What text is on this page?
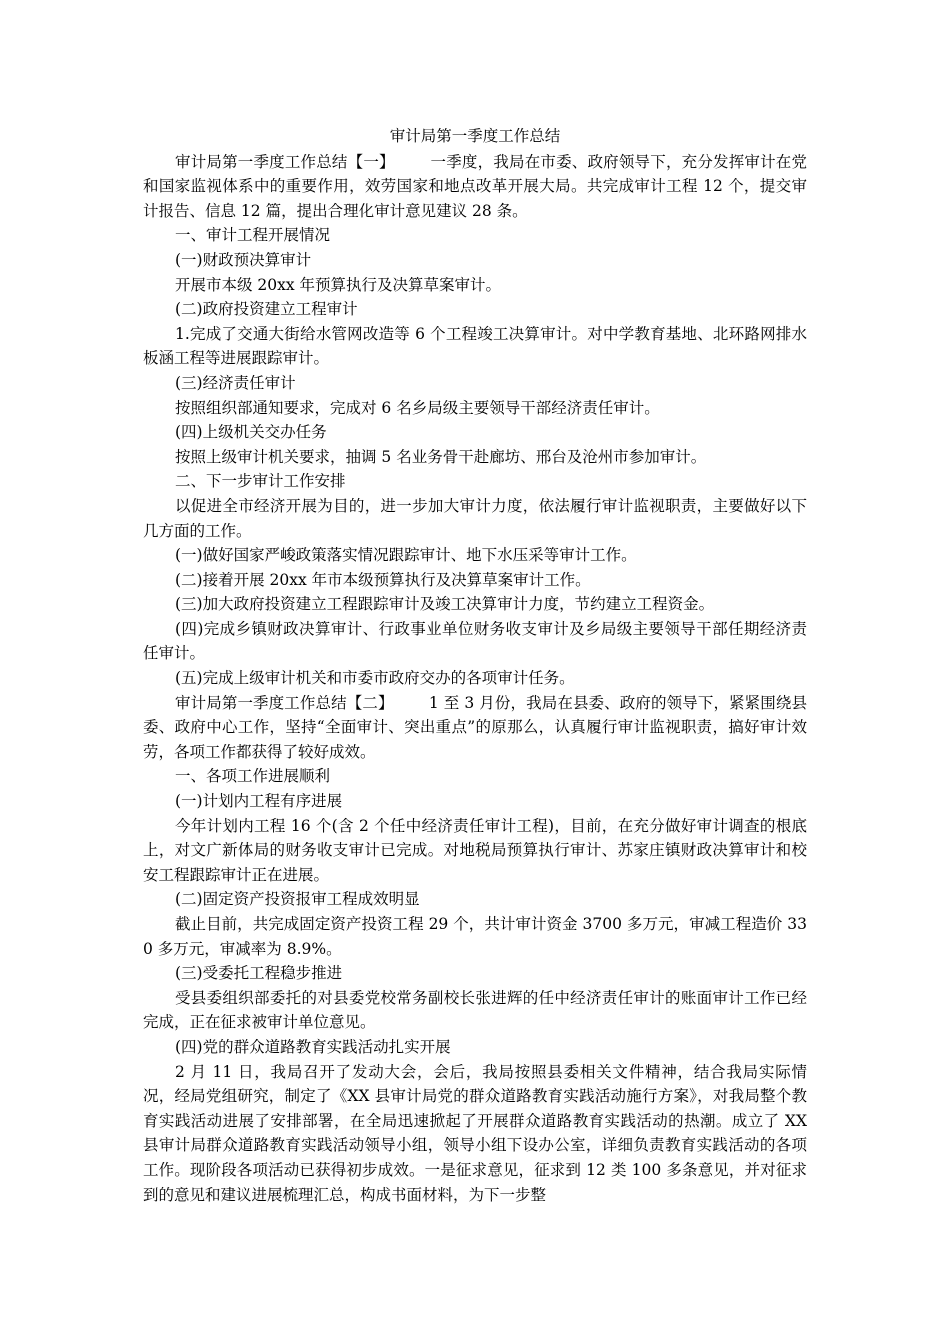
审计局第一季度工作总结

审计局第一季度工作总结【一】       一季度，我局在市委、政府领导下，充分发挥审计在党和国家监视体系中的重要作用，效劳国家和地点改革开展大局。共完成审计工程 12 个，提交审计报告、信息 12 篇，提出合理化审计意见建议 28 条。

一、审计工程开展情况

(一)财政预决算审计

开展市本级 20xx 年预算执行及决算草案审计。

(二)政府投资建立工程审计

1.完成了交通大街给水管网改造等 6 个工程竣工决算审计。对中学教育基地、北环路网排水板涵工程等进展跟踪审计。

(三)经济责任审计

按照组织部通知要求，完成对 6 名乡局级主要领导干部经济责任审计。

(四)上级机关交办任务

按照上级审计机关要求，抽调 5 名业务骨干赴廊坊、邢台及沧州市参加审计。

二、下一步审计工作安排

以促进全市经济开展为目的，进一步加大审计力度，依法履行审计监视职责，主要做好以下几方面的工作。

(一)做好国家严峻政策落实情况跟踪审计、地下水压采等审计工作。

(二)接着开展 20xx 年市本级预算执行及决算草案审计工作。

(三)加大政府投资建立工程跟踪审计及竣工决算审计力度，节约建立工程资金。

(四)完成乡镇财政决算审计、行政事业单位财务收支审计及乡局级主要领导干部任期经济责任审计。

(五)完成上级审计机关和市委市政府交办的各项审计任务。

审计局第一季度工作总结【二】       1 至 3 月份，我局在县委、政府的领导下，紧紧围绕县委、政府中心工作，坚持“全面审计、突出重点”的原那么，认真履行审计监视职责，搞好审计效劳，各项工作都获得了较好成效。

一、各项工作进展顺利

(一)计划内工程有序进展

今年计划内工程 16 个(含 2 个任中经济责任审计工程)，目前，在充分做好审计调查的根底上，对文广新体局的财务收支审计已完成。对地税局预算执行审计、苏家庄镇财政决算审计和校安工程跟踪审计正在进展。

(二)固定资产投资报审工程成效明显

截止目前，共完成固定资产投资工程 29 个，共计审计资金 3700 多万元，审减工程造价 330 多万元，审减率为 8.9%。

(三)受委托工程稳步推进

受县委组织部委托的对县委党校常务副校长张进辉的任中经济责任审计的账面审计工作已经完成，正在征求被审计单位意见。

(四)党的群众道路教育实践活动扎实开展

2 月 11 日，我局召开了发动大会，会后，我局按照县委相关文件精神，结合我局实际情况，经局党组研究，制定了《XX 县审计局党的群众道路教育实践活动施行方案》，对我局整个教育实践活动进展了安排部署，在全局迅速掀起了开展群众道路教育实践活动的热潮。成立了 XX 县审计局群众道路教育实践活动领导小组，领导小组下设办公室，详细负责教育实践活动的各项工作。现阶段各项活动已获得初步成效。一是征求意见，征求到 12 类 100 多条意见，并对征求到的意见和建议进展梳理汇总，构成书面材料，为下一步整
